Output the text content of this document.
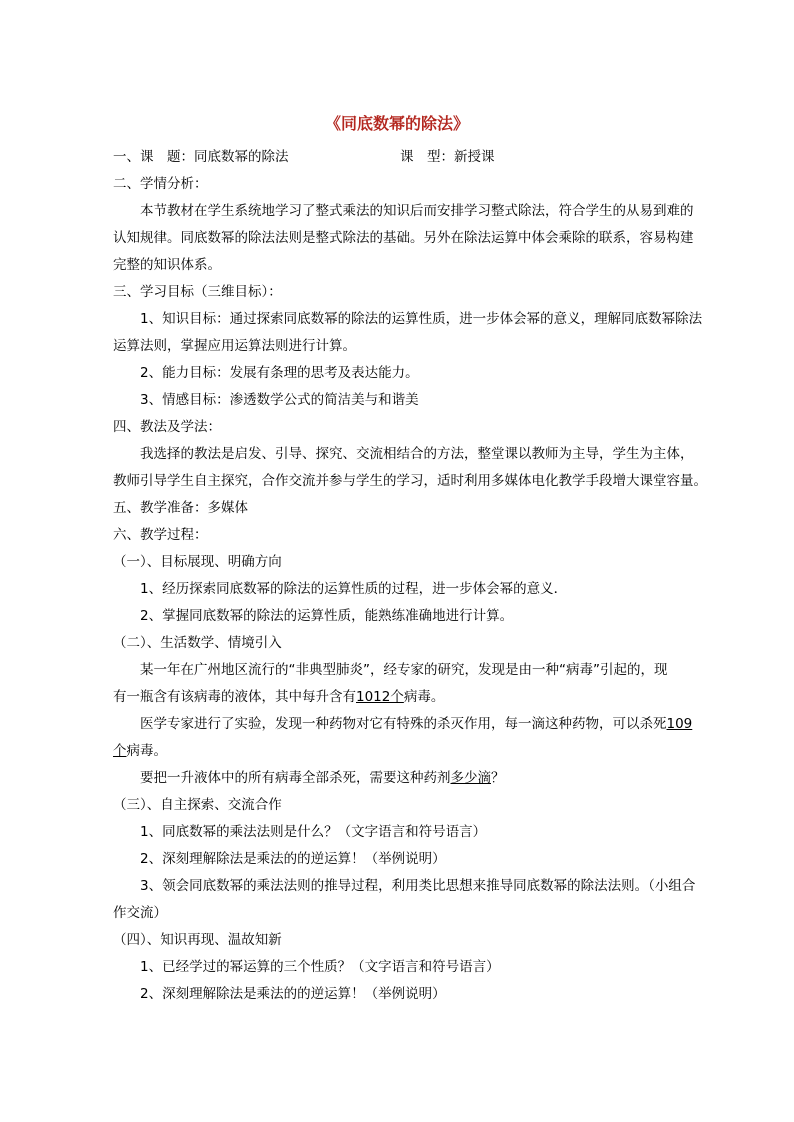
《同底数幂的除法》
一、课　题：同底数幂的除法	课　型：新授课
二、学情分析：
本节教材在学生系统地学习了整式乘法的知识后而安排学习整式除法，符合学生的从易到难的
认知规律。同底数幂的除法法则是整式除法的基础。另外在除法运算中体会乘除的联系，容易构建
完整的知识体系。
三、学习目标（三维目标）：
1、知识目标：通过探索同底数幂的除法的运算性质，进一步体会幂的意义，理解同底数幂除法
运算法则，掌握应用运算法则进行计算。
2、能力目标：发展有条理的思考及表达能力。
3、情感目标：渗透数学公式的简洁美与和谐美
四、教法及学法：
我选择的教法是启发、引导、探究、交流相结合的方法，整堂课以教师为主导，学生为主体，
教师引导学生自主探究，合作交流并参与学生的学习，适时利用多媒体电化教学手段增大课堂容量。
五、教学准备：多媒体
六、教学过程：
（一）、目标展现、明确方向
1、经历探索同底数幂的除法的运算性质的过程，进一步体会幂的意义．
2、掌握同底数幂的除法的运算性质，能熟练准确地进行计算。
（二）、生活数学、情境引入
某一年在广州地区流行的“非典型肺炎”，经专家的研究，发现是由一种“病毒”引起的，现
有一瓶含有该病毒的液体，其中每升含有1012个病毒。
医学专家进行了实验，发现一种药物对它有特殊的杀灭作用，每一滴这种药物，可以杀死109
个病毒。
要把一升液体中的所有病毒全部杀死，需要这种药剂多少滴？
（三）、自主探索、交流合作
1、同底数幂的乘法法则是什么？（文字语言和符号语言）
2、深刻理解除法是乘法的的逆运算！（举例说明）
3、领会同底数幂的乘法法则的推导过程，利用类比思想来推导同底数幂的除法法则。（小组合
作交流）
（四）、知识再现、温故知新
1、已经学过的幂运算的三个性质？（文字语言和符号语言）
2、深刻理解除法是乘法的的逆运算！（举例说明）
